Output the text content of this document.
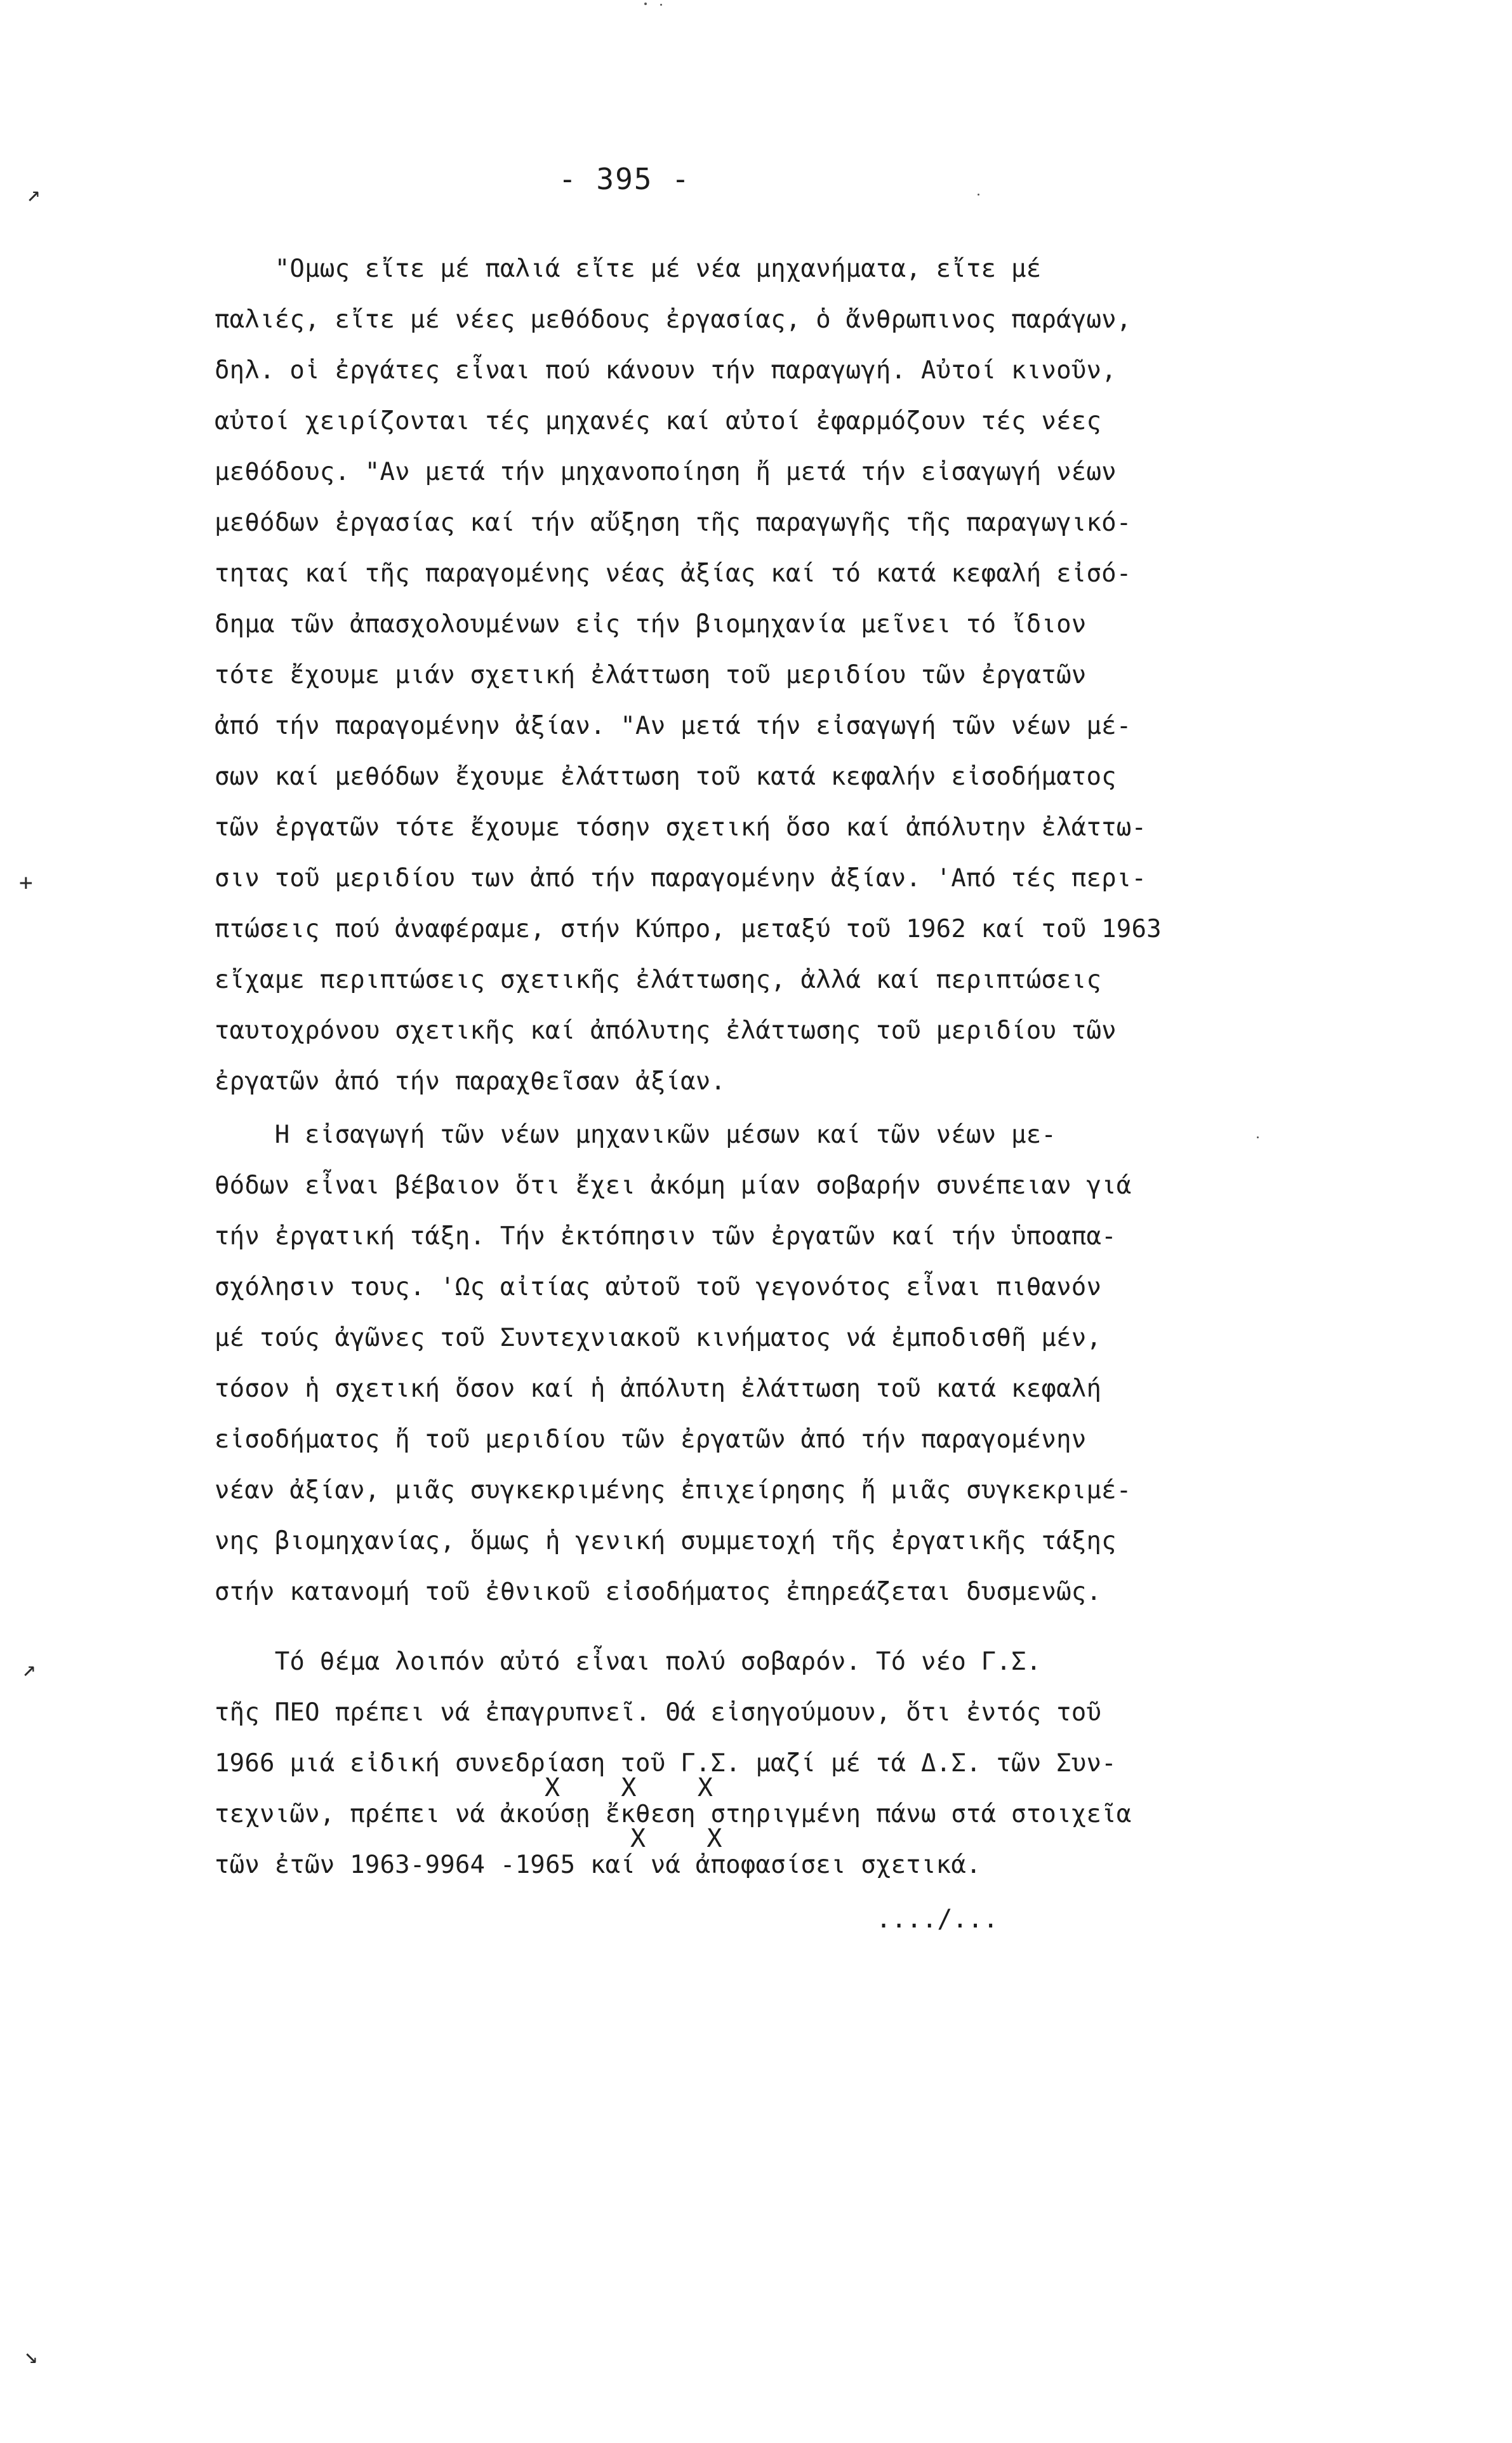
↗
+
↗
↘
- 395 -
"Ομως εἴτε μέ παλιά εἴτε μέ νέα μηχανήματα, εἴτε μέ
παλιές, εἴτε μέ νέες μεθόδους ἐργασίας, ὁ ἄνθρωπινος παράγων,
δηλ. οἱ ἐργάτες εἶναι πού κάνουν τήν παραγωγή. Αὐτοί κινοῦν,
αὐτοί χειρίζονται τές μηχανές καί αὐτοί ἐφαρμόζουν τές νέες
μεθόδους. "Αν μετά τήν μηχανοποίηση ἤ μετά τήν εἰσαγωγή νέων
μεθόδων ἐργασίας καί τήν αὔξηση τῆς παραγωγῆς τῆς παραγωγικό-
τητας καί τῆς παραγομένης νέας ἀξίας καί τό κατά κεφαλή εἰσό-
δημα τῶν ἀπασχολουμένων εἰς τήν βιομηχανία μεῖνει τό ἴδιον
τότε ἔχουμε μιάν σχετική ἐλάττωση τοῦ μεριδίου τῶν ἐργατῶν
ἀπό τήν παραγομένην ἀξίαν. "Αν μετά τήν εἰσαγωγή τῶν νέων μέ-
σων καί μεθόδων ἔχουμε ἐλάττωση τοῦ κατά κεφαλήν εἰσοδήματος
τῶν ἐργατῶν τότε ἔχουμε τόσην σχετική ὅσο καί ἀπόλυτην ἐλάττω-
σιν τοῦ μεριδίου των ἀπό τήν παραγομένην ἀξίαν. 'Από τές περι-
πτώσεις πού ἀναφέραμε, στήν Κύπρο, μεταξύ τοῦ 1962 καί τοῦ 1963
εἴχαμε περιπτώσεις σχετικῆς ἐλάττωσης, ἀλλά καί περιπτώσεις
ταυτοχρόνου σχετικῆς καί ἀπόλυτης ἐλάττωσης τοῦ μεριδίου τῶν
ἐργατῶν ἀπό τήν παραχθεῖσαν ἀξίαν.
Η εἰσαγωγή τῶν νέων μηχανικῶν μέσων καί τῶν νέων με-
θόδων εἶναι βέβαιον ὅτι ἔχει ἀκόμη μίαν σοβαρήν συνέπειαν γιά
τήν ἐργατική τάξη. Τήν ἐκτόπησιν τῶν ἐργατῶν καί τήν ὑποαπα-
σχόλησιν τους. 'Ως αἰτίας αὐτοῦ τοῦ γεγονότος εἶναι πιθανόν
μέ τούς ἀγῶνες τοῦ Συντεχνιακοῦ κινήματος νά ἐμποδισθῆ μέν,
τόσον ἡ σχετική ὅσον καί ἡ ἀπόλυτη ἐλάττωση τοῦ κατά κεφαλή
εἰσοδήματος ἤ τοῦ μεριδίου τῶν ἐργατῶν ἀπό τήν παραγομένην
νέαν ἀξίαν, μιᾶς συγκεκριμένης ἐπιχείρησης ἤ μιᾶς συγκεκριμέ-
νης βιομηχανίας, ὅμως ἡ γενική συμμετοχή τῆς ἐργατικῆς τάξης
στήν κατανομή τοῦ ἐθνικοῦ εἰσοδήματος ἐπηρεάζεται δυσμενῶς.
Τό θέμα λοιπόν αὐτό εἶναι πολύ σοβαρόν. Τό νέο Γ.Σ.
τῆς ΠΕΟ πρέπει νά ἐπαγρυπνεῖ. Θά εἰσηγούμουν, ὅτι ἐντός τοῦ
1966 μιά εἰδική συνεδρίαση τοῦ Γ.Σ. μαζί μέ τά Δ.Σ. τῶν Συν-
τεχνιῶν, πρέπει νά ἀκούσῃ ἔκθεση στηριγμένη πάνω στά στοιχεῖα
τῶν ἐτῶν 1963-9964 -1965 καί νά ἀποφασίσει σχετικά.
X    X    X
X    X
..../...
